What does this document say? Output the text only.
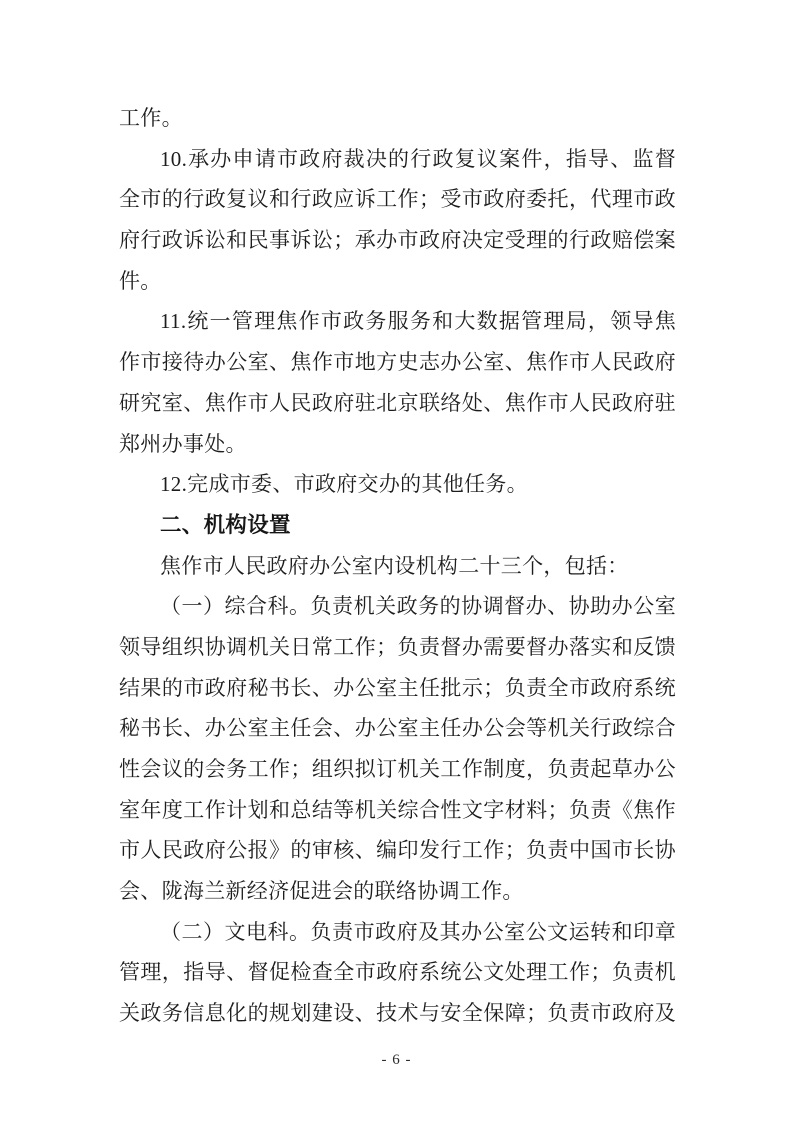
工作。
10.承办申请市政府裁决的行政复议案件，指导、监督
全市的行政复议和行政应诉工作；受市政府委托，代理市政
府行政诉讼和民事诉讼；承办市政府决定受理的行政赔偿案
件。
11.统一管理焦作市政务服务和大数据管理局，领导焦
作市接待办公室、焦作市地方史志办公室、焦作市人民政府
研究室、焦作市人民政府驻北京联络处、焦作市人民政府驻
郑州办事处。
12.完成市委、市政府交办的其他任务。
二、机构设置
焦作市人民政府办公室内设机构二十三个，包括：
（一）综合科。负责机关政务的协调督办、协助办公室
领导组织协调机关日常工作；负责督办需要督办落实和反馈
结果的市政府秘书长、办公室主任批示；负责全市政府系统
秘书长、办公室主任会、办公室主任办公会等机关行政综合
性会议的会务工作；组织拟订机关工作制度，负责起草办公
室年度工作计划和总结等机关综合性文字材料；负责《焦作
市人民政府公报》的审核、编印发行工作；负责中国市长协
会、陇海兰新经济促进会的联络协调工作。
（二）文电科。负责市政府及其办公室公文运转和印章
管理，指导、督促检查全市政府系统公文处理工作；负责机
关政务信息化的规划建设、技术与安全保障；负责市政府及
- 6 -
